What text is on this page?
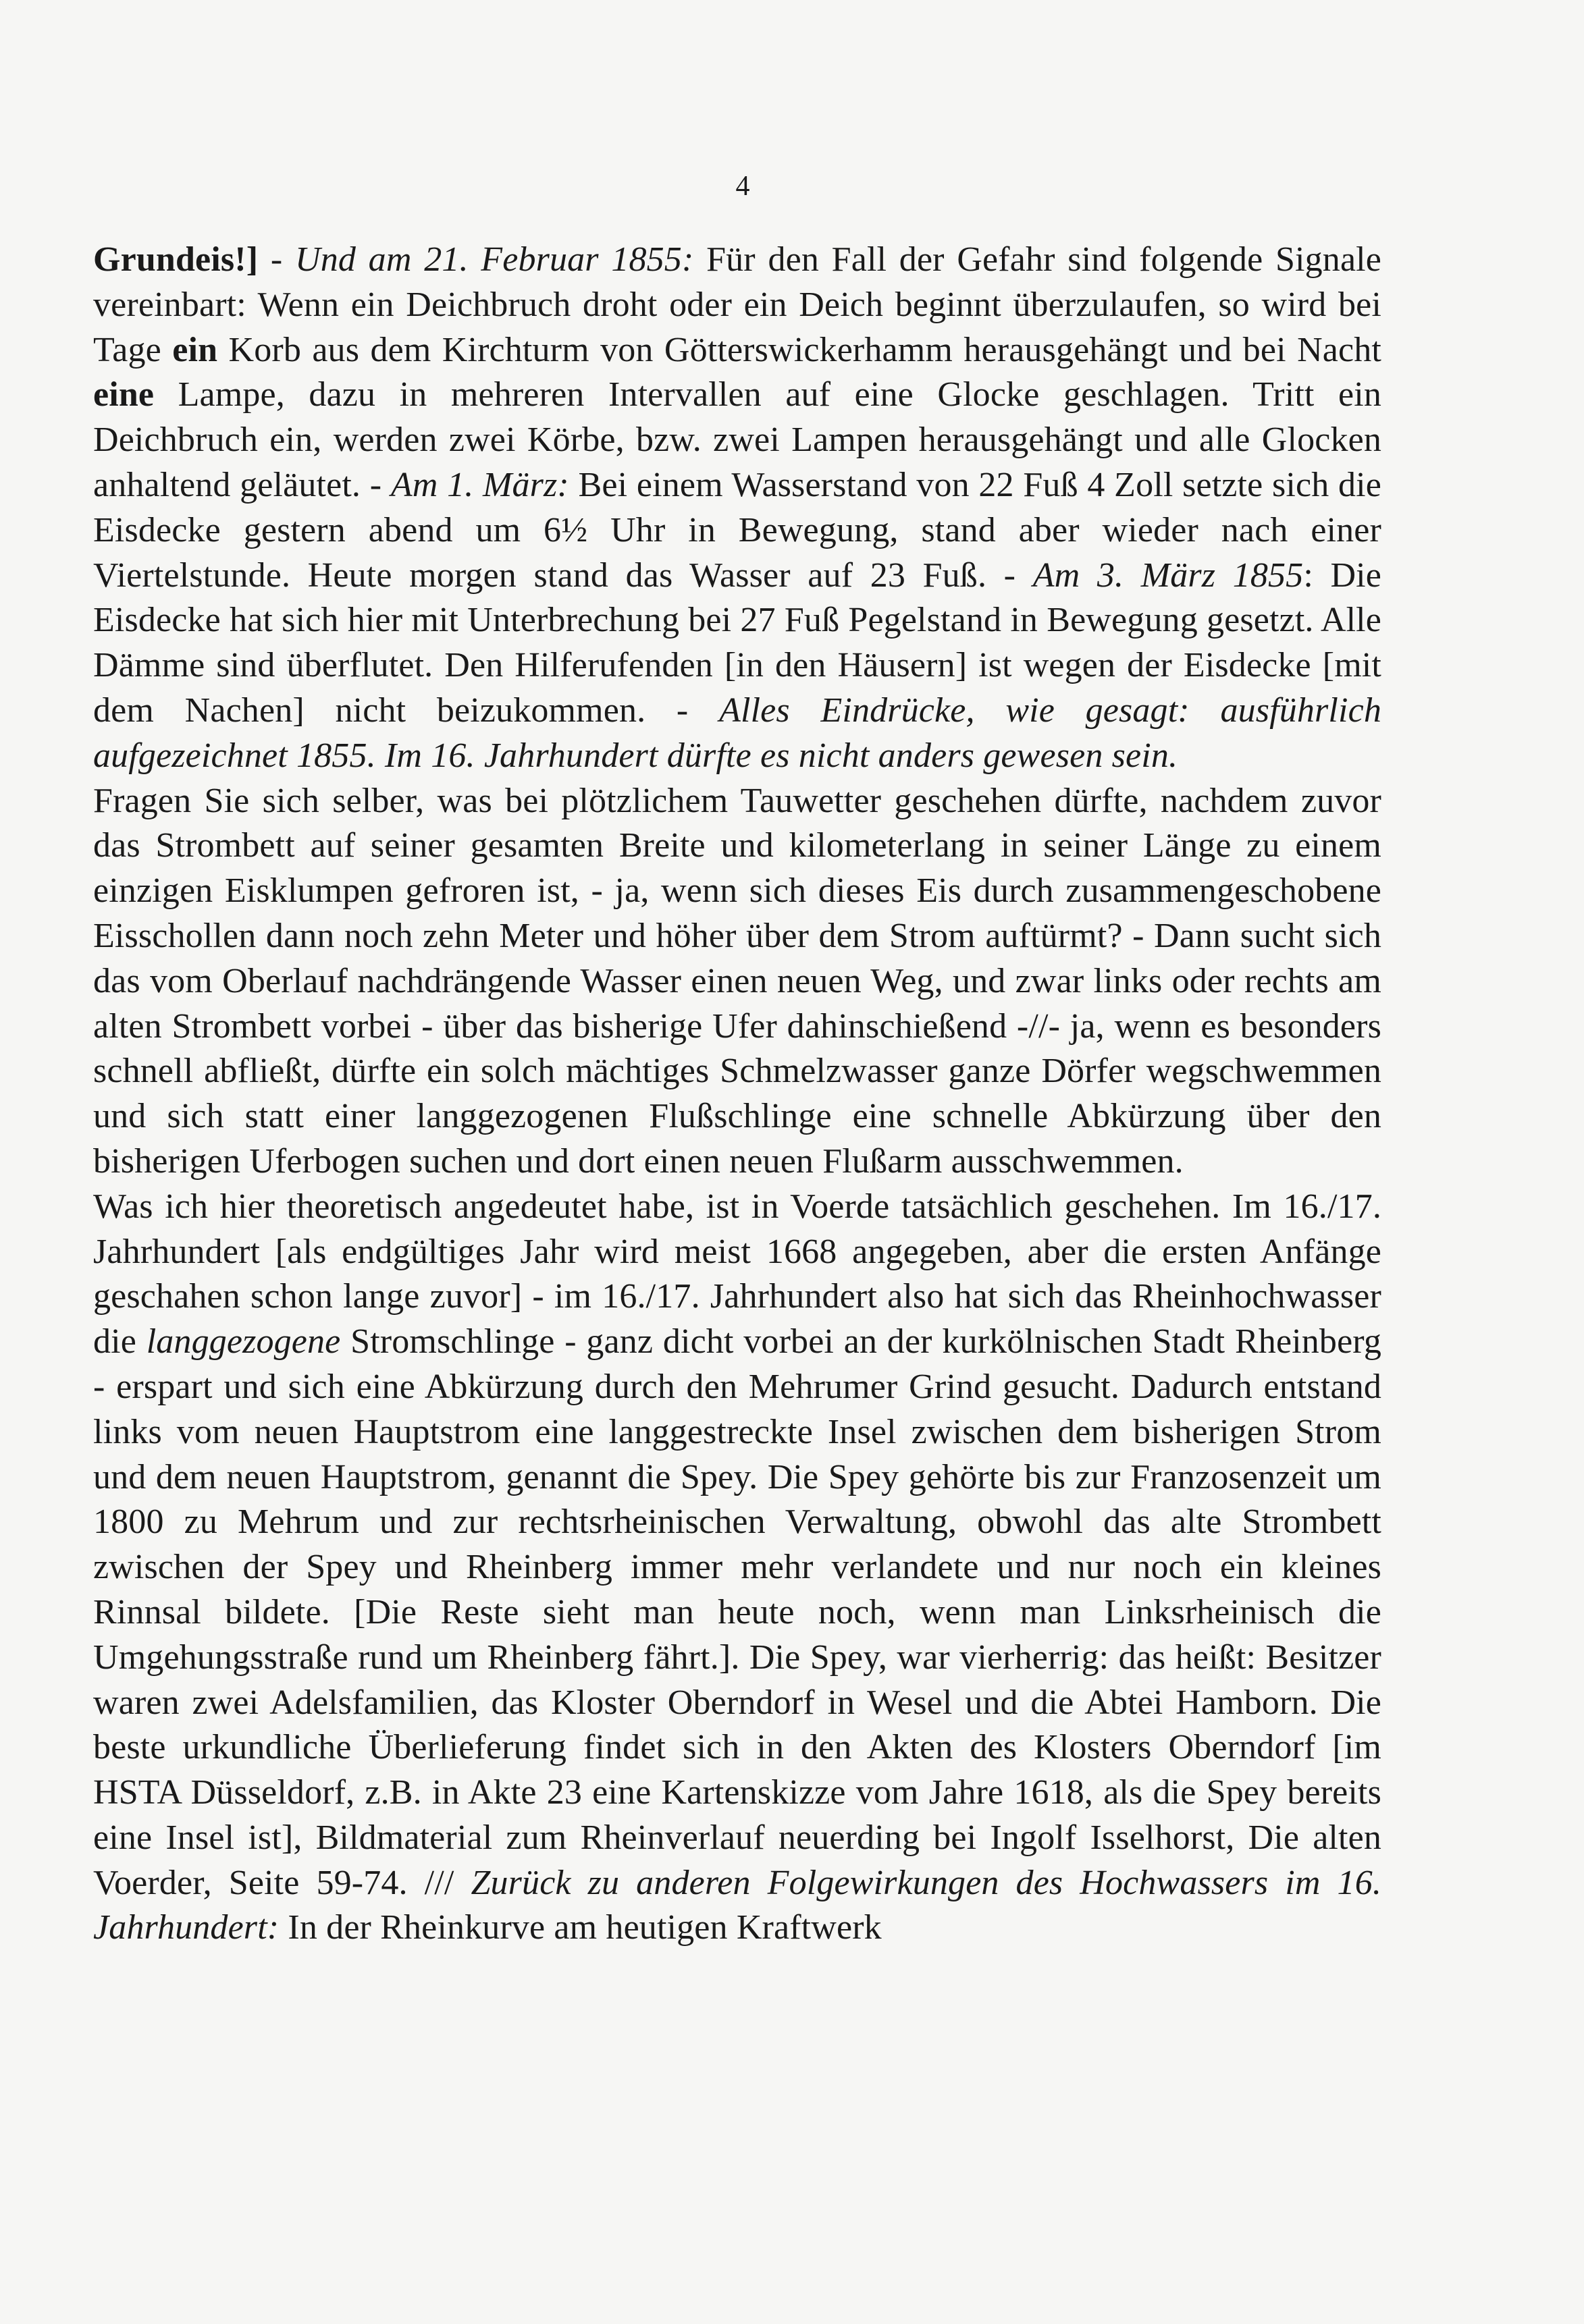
4

Grundeis!] - Und am 21. Februar 1855: Für den Fall der Gefahr sind folgende Signale vereinbart: Wenn ein Deichbruch droht oder ein Deich beginnt überzulaufen, so wird bei Tage ein Korb aus dem Kirchturm von Götterswickerhamm herausgehängt und bei Nacht eine Lampe, dazu in mehreren Intervallen auf eine Glocke geschlagen. Tritt ein Deichbruch ein, werden zwei Körbe, bzw. zwei Lampen herausgehängt und alle Glocken anhaltend geläutet. - Am 1. März: Bei einem Wasserstand von 22 Fuß 4 Zoll setzte sich die Eisdecke gestern abend um 6½ Uhr in Bewegung, stand aber wieder nach einer Viertelstunde. Heute morgen stand das Wasser auf 23 Fuß. - Am 3. März 1855: Die Eisdecke hat sich hier mit Unterbrechung bei 27 Fuß Pegelstand in Bewegung gesetzt. Alle Dämme sind überflutet. Den Hilferufenden [in den Häusern] ist wegen der Eisdecke [mit dem Nachen] nicht beizukommen. - Alles Eindrücke, wie gesagt: ausführlich aufgezeichnet 1855. Im 16. Jahrhundert dürfte es nicht anders gewesen sein.

Fragen Sie sich selber, was bei plötzlichem Tauwetter geschehen dürfte, nachdem zuvor das Strombett auf seiner gesamten Breite und kilometerlang in seiner Länge zu einem einzigen Eisklumpen gefroren ist, - ja, wenn sich dieses Eis durch zusammengeschobene Eisschollen dann noch zehn Meter und höher über dem Strom auftürmt? - Dann sucht sich das vom Oberlauf nachdrängende Wasser einen neuen Weg, und zwar links oder rechts am alten Strombett vorbei - über das bisherige Ufer dahinschießend -//- ja, wenn es besonders schnell abfließt, dürfte ein solch mächtiges Schmelzwasser ganze Dörfer wegschwemmen und sich statt einer langgezogenen Flußschlinge eine schnelle Abkürzung über den bisherigen Uferbogen suchen und dort einen neuen Flußarm ausschwemmen.

Was ich hier theoretisch angedeutet habe, ist in Voerde tatsächlich geschehen. Im 16./17. Jahrhundert [als endgültiges Jahr wird meist 1668 angegeben, aber die ersten Anfänge geschahen schon lange zuvor] - im 16./17. Jahrhundert also hat sich das Rheinhochwasser die langgezogene Stromschlinge - ganz dicht vorbei an der kurkölnischen Stadt Rheinberg - erspart und sich eine Abkürzung durch den Mehrumer Grind gesucht. Dadurch entstand links vom neuen Hauptstrom eine langgestreckte Insel zwischen dem bisherigen Strom und dem neuen Hauptstrom, genannt die Spey. Die Spey gehörte bis zur Franzosenzeit um 1800 zu Mehrum und zur rechtsrheinischen Verwaltung, obwohl das alte Strombett zwischen der Spey und Rheinberg immer mehr verlandete und nur noch ein kleines Rinnsal bildete. [Die Reste sieht man heute noch, wenn man Linksrheinisch die Umgehungsstraße rund um Rheinberg fährt.]. Die Spey, war vierherrig: das heißt: Besitzer waren zwei Adelsfamilien, das Kloster Oberndorf in Wesel und die Abtei Hamborn. Die beste urkundliche Überlieferung findet sich in den Akten des Klosters Oberndorf [im HSTA Düsseldorf, z.B. in Akte 23 eine Kartenskizze vom Jahre 1618, als die Spey bereits eine Insel ist], Bildmaterial zum Rheinverlauf neuerding bei Ingolf Isselhorst, Die alten Voerder, Seite 59-74. /// Zurück zu anderen Folgewirkungen des Hochwassers im 16. Jahrhundert: In der Rheinkurve am heutigen Kraftwerk
